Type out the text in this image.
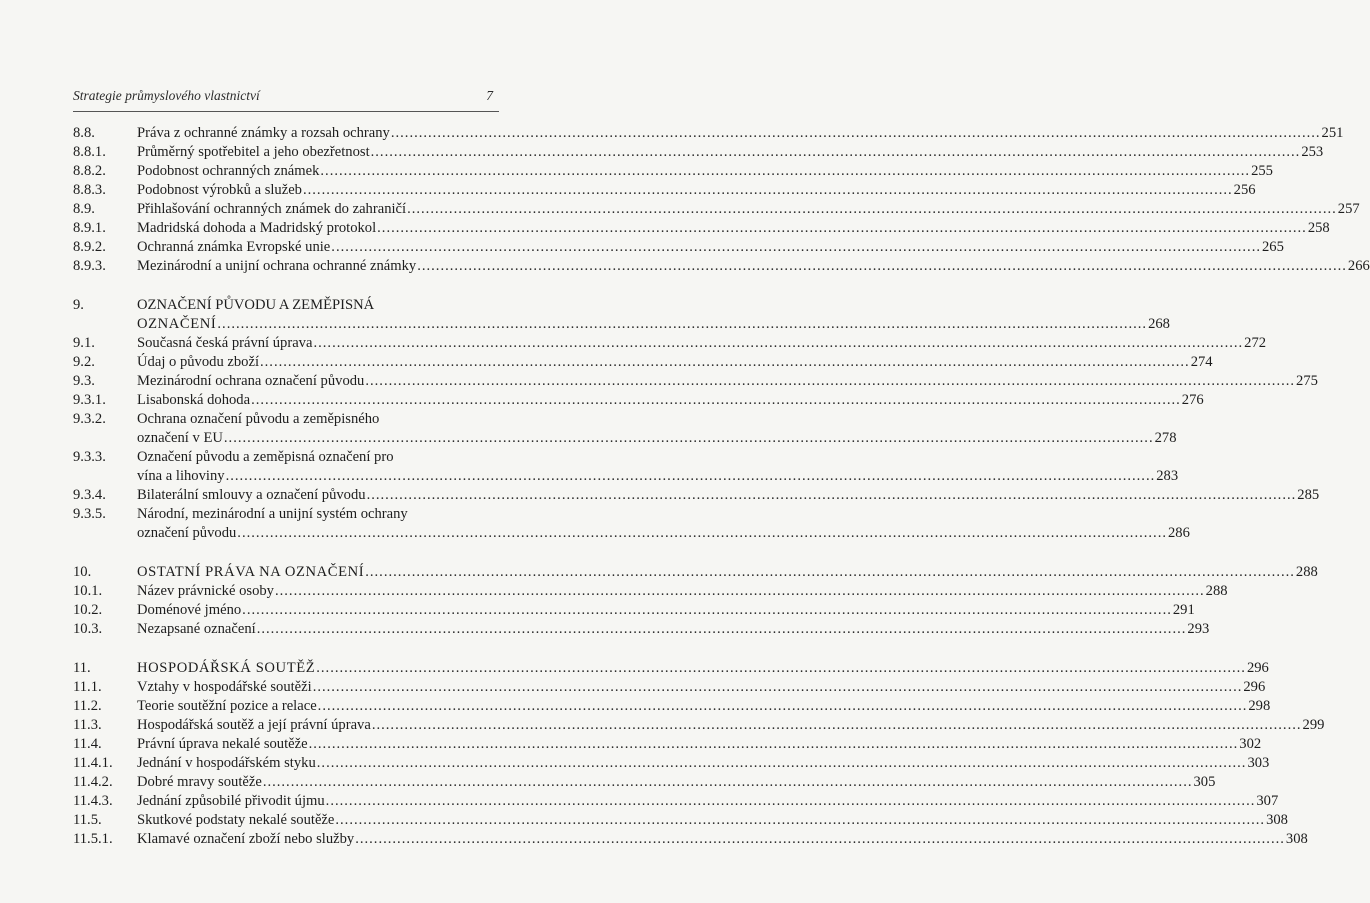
Strategie průmyslového vlastnictví	7
8.8.	Práva z ochranné známky a rozsah ochrany ........................................................................................................................................................................................................ 251
8.8.1.	Průměrný spotřebitel a jeho obezřetnost ........................................................................................................................................................................................................ 253
8.8.2.	Podobnost ochranných známek ........................................................................................................................................................................................................ 255
8.8.3.	Podobnost výrobků a služeb ........................................................................................................................................................................................................ 256
8.9.	Přihlašování ochranných známek do zahraničí ........................................................................................................................................................................................................ 257
8.9.1.	Madridská dohoda a Madridský protokol ........................................................................................................................................................................................................ 258
8.9.2.	Ochranná známka Evropské unie ........................................................................................................................................................................................................ 265
8.9.3.	Mezinárodní a unijní ochrana ochranné známky ........................................................................................................................................................................................................ 266
9.	OZNAČENÍ PŮVODU A ZEMĚPISNÁ
OZNAČENÍ ........................................................................................................................................................................................................ 268
9.1.	Současná česká právní úprava ........................................................................................................................................................................................................ 272
9.2.	Údaj o původu zboží ........................................................................................................................................................................................................ 274
9.3.	Mezinárodní ochrana označení původu ........................................................................................................................................................................................................ 275
9.3.1.	Lisabonská dohoda ........................................................................................................................................................................................................ 276
9.3.2.	Ochrana označení původu a zeměpisného
označení v EU ........................................................................................................................................................................................................ 278
9.3.3.	Označení původu a zeměpisná označení pro
vína a lihoviny ........................................................................................................................................................................................................ 283
9.3.4.	Bilaterální smlouvy a označení původu ........................................................................................................................................................................................................ 285
9.3.5.	Národní, mezinárodní a unijní systém ochrany
označení původu ........................................................................................................................................................................................................ 286
10.	OSTATNÍ PRÁVA NA OZNAČENÍ ........................................................................................................................................................................................................ 288
10.1.	Název právnické osoby ........................................................................................................................................................................................................ 288
10.2.	Doménové jméno ........................................................................................................................................................................................................ 291
10.3.	Nezapsané označení ........................................................................................................................................................................................................ 293
11.	HOSPODÁŘSKÁ SOUTĚŽ ........................................................................................................................................................................................................ 296
11.1.	Vztahy v hospodářské soutěži ........................................................................................................................................................................................................ 296
11.2.	Teorie soutěžní pozice a relace ........................................................................................................................................................................................................ 298
11.3.	Hospodářská soutěž a její právní úprava ........................................................................................................................................................................................................ 299
11.4.	Právní úprava nekalé soutěže ........................................................................................................................................................................................................ 302
11.4.1.	Jednání v hospodářském styku ........................................................................................................................................................................................................ 303
11.4.2.	Dobré mravy soutěže ........................................................................................................................................................................................................ 305
11.4.3.	Jednání způsobilé přivodit újmu ........................................................................................................................................................................................................ 307
11.5.	Skutkové podstaty nekalé soutěže ........................................................................................................................................................................................................ 308
11.5.1.	Klamavé označení zboží nebo služby ........................................................................................................................................................................................................ 308
